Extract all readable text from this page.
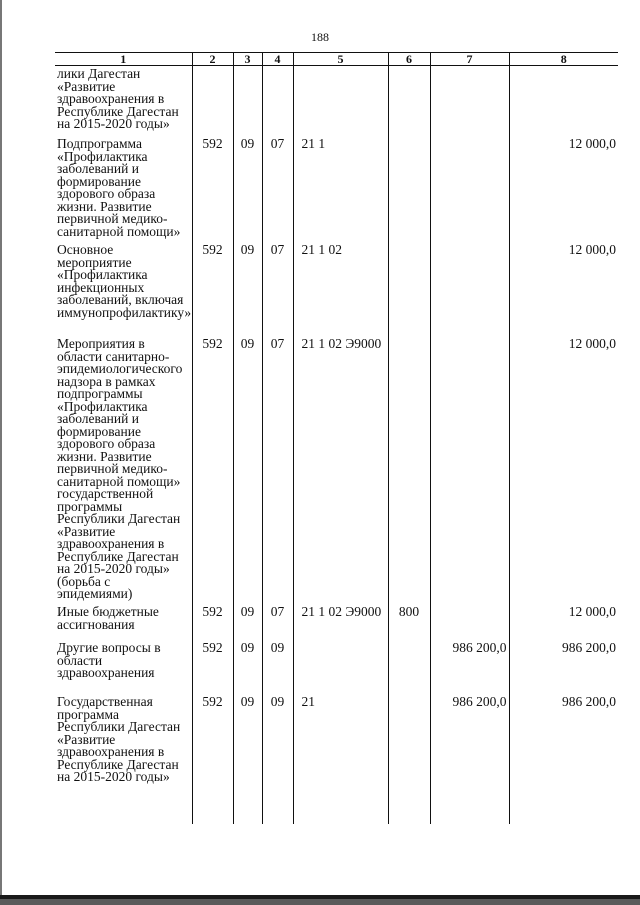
188
1	2	3	4	5	6	7	8
лики Дагестан «Развитие здравоохранения в Республике Дагестан на 2015-2020 годы»							
Подпрограмма «Профилактика заболеваний и формирование здорового образа жизни. Развитие первичной медико-санитарной помощи»	592	09	07	21 1			12 000,0
Основное мероприятие «Профилактика инфекционных заболеваний, включая иммунопрофилактику»	592	09	07	21 1 02			12 000,0
Мероприятия в области санитарно-эпидемиологического надзора в рамках подпрограммы «Профилактика заболеваний и формирование здорового образа жизни. Развитие первичной медико-санитарной помощи» государственной программы Республики Дагестан «Развитие здравоохранения в Республике Дагестан на 2015-2020 годы» (борьба с эпидемиями)	592	09	07	21 1 02 Э9000			12 000,0
Иные бюджетные ассигнования	592	09	07	21 1 02 Э9000	800		12 000,0
Другие вопросы в области здравоохранения	592	09	09			986 200,0	986 200,0
Государственная программа Республики Дагестан «Развитие здравоохранения в Республике Дагестан на 2015-2020 годы»	592	09	09	21		986 200,0	986 200,0
